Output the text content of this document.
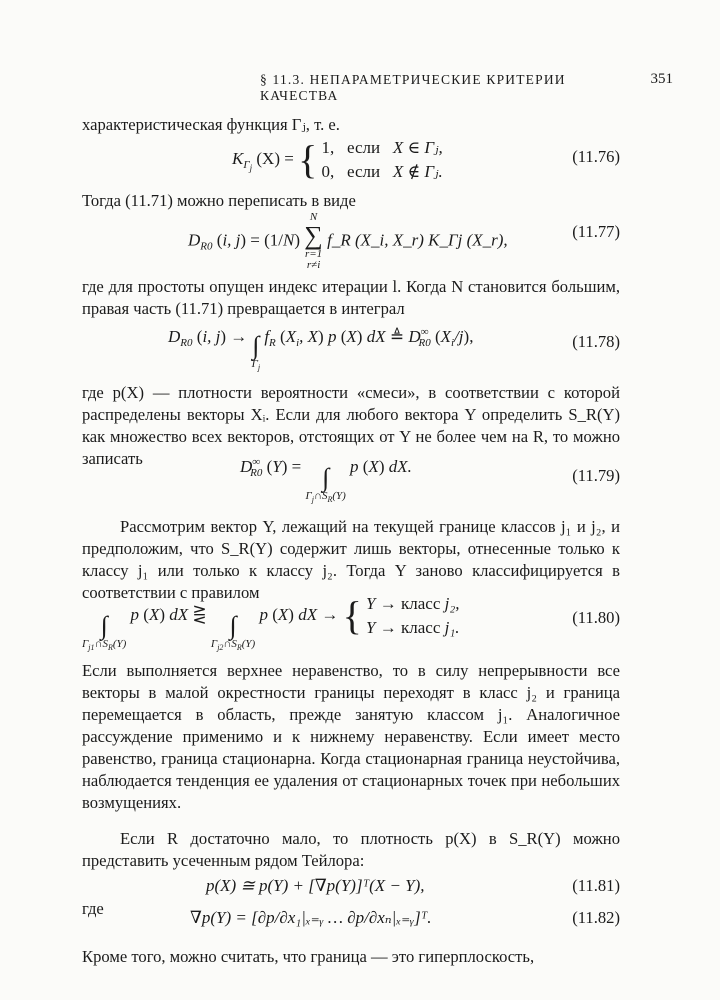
§ 11.3. НЕПАРАМЕТРИЧЕСКИЕ КРИТЕРИИ КАЧЕСТВА
351
характеристическая функция Γⱼ, т. е.
$K_{\Gamma_j}$ (X) = { 1, если X ∈ Γⱼ,
0, если X ∉ Γⱼ.
(11.76)
Тогда (11.71) можно переписать в виде
$D_{R0}$ (i, j) = (1/N)
N
∑
r=1
r≠i
f_R (X_i, X_r) K_Γj (X_r),	(11.77)
где для простоты опущен индекс итерации l. Когда N становится большим, правая часть (11.71) превращается в интеграл
$D_{R0}$ (i, j) → ∫
$\Gamma_j$
$f_R$ ($X_i$, X) p (X) dX ≜ $D^\infty_{R0}$ $(X_i/j)$,	(11.78)
где p(X) — плотности вероятности «смеси», в соответствии с которой распределены векторы Xᵢ. Если для любого вектора Y определить S_R(Y) как множество всех векторов, отстоящих от Y не более чем на R, то можно записать	$D^\infty_{R0}$ (Y) = ∫
$\Gamma_j\cap S_R(Y)$
p (X) dX.	(11.79)
Рассмотрим вектор Y, лежащий на текущей границе классов j₁ и j₂, и предположим, что S_R(Y) содержит лишь векторы, отнесенные только к классу j₁ или только к классу j₂. Тогда Y заново классифицируется в соответствии с правилом
∫
$\Gamma_{j1}\cap S_R(Y)$
p (X) dX ⋛ ∫
$\Gamma_{j2}\cap S_R(Y)$
p (X) dX → { Y → класс j₂,
Y → класс j₁.
(11.80)
Если выполняется верхнее неравенство, то в силу непрерывности все векторы в малой окрестности границы переходят в класс j₂ и граница перемещается в область, прежде занятую классом j₁. Аналогичное рассуждение применимо и к нижнему неравенству. Если имеет место равенство, граница стационарна. Когда стационарная граница неустойчива, наблюдается тенденция ее удаления от стационарных точек при небольших возмущениях.
Если R достаточно мало, то плотность p(X) в S_R(Y) можно представить усеченным рядом Тейлора:
p(X) ≅ p(Y) + [∇p(Y)]ᵀ(X − Y),	(11.81)
где	∇p(Y) = [∂p/∂x₁|ₓ₌ᵧ … ∂p/∂xₙ|ₓ₌ᵧ]ᵀ.	(11.82)
Кроме того, можно считать, что граница — это гиперплоскость,
